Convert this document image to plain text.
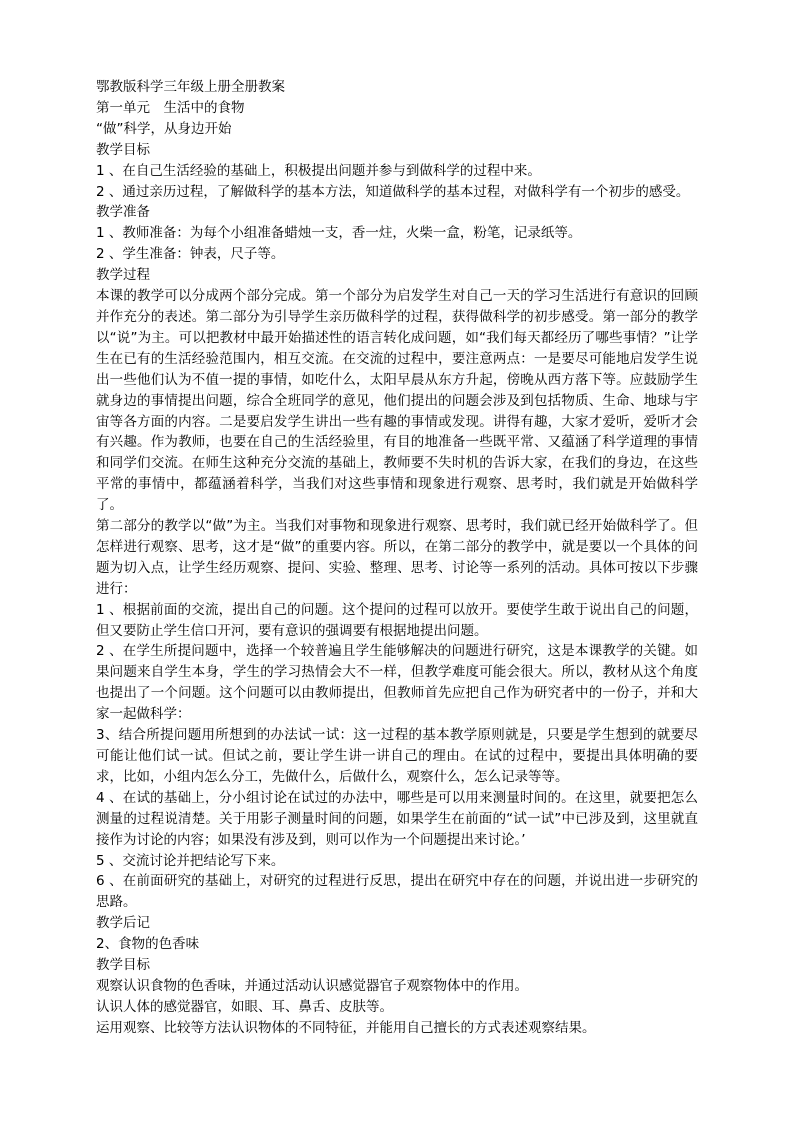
鄂教版科学三年级上册全册教案
第一单元　生活中的食物
“做”科学，从身边开始
教学目标
1 、在自己生活经验的基础上，积极提出问题并参与到做科学的过程中来。
2 、通过亲历过程，了解做科学的基本方法，知道做科学的基本过程，对做科学有一个初步的感受。
教学准备
1 、教师准备：为每个小组准备蜡烛一支，香一炷，火柴一盒，粉笔，记录纸等。
2 、学生准备：钟表，尺子等。
教学过程

本课的教学可以分成两个部分完成。第一个部分为启发学生对自己一天的学习生活进行有意识的回顾并作充分的表述。第二部分为引导学生亲历做科学的过程，获得做科学的初步感受。第一部分的教学以“说”为主。可以把教材中最开始描述性的语言转化成问题，如“我们每天都经历了哪些事情？”让学生在已有的生活经验范围内，相互交流。在交流的过程中，要注意两点：一是要尽可能地启发学生说出一些他们认为不值一提的事情，如吃什么，太阳早晨从东方升起，傍晚从西方落下等。应鼓励学生就身边的事情提出问题，综合全班同学的意见，他们提出的问题会涉及到包括物质、生命、地球与宇宙等各方面的内容。二是要启发学生讲出一些有趣的事情或发现。讲得有趣，大家才爱听，爱听才会有兴趣。作为教师，也要在自己的生活经验里，有目的地准备一些既平常、又蕴涵了科学道理的事情和同学们交流。在师生这种充分交流的基础上，教师要不失时机的告诉大家，在我们的身边，在这些平常的事情中，都蕴涵着科学，当我们对这些事情和现象进行观察、思考时，我们就是开始做科学了。

第二部分的教学以“做”为主。当我们对事物和现象进行观察、思考时，我们就已经开始做科学了。但怎样进行观察、思考，这才是“做”的重要内容。所以，在第二部分的教学中，就是要以一个具体的问题为切入点，让学生经历观察、提问、实验、整理、思考、讨论等一系列的活动。具体可按以下步骤进行：

1 、根据前面的交流，提出自己的问题。这个提问的过程可以放开。要使学生敢于说出自己的问题，但又要防止学生信口开河，要有意识的强调要有根据地提出问题。

2 、在学生所提问题中，选择一个较普遍且学生能够解决的问题进行研究，这是本课教学的关键。如果问题来自学生本身，学生的学习热情会大不一样，但教学难度可能会很大。所以，教材从这个角度也提出了一个问题。这个问题可以由教师提出，但教师首先应把自己作为研究者中的一份子，并和大家一起做科学：

3、结合所提问题用所想到的办法试一试：这一过程的基本教学原则就是，只要是学生想到的就要尽可能让他们试一试。但试之前，要让学生讲一讲自己的理由。在试的过程中，要提出具体明确的要求，比如，小组内怎么分工，先做什么，后做什么，观察什么，怎么记录等等。

4 、在试的基础上，分小组讨论在试过的办法中，哪些是可以用来测量时间的。在这里，就要把怎么测量的过程说清楚。关于用影子测量时间的问题，如果学生在前面的“试一试”中已涉及到，这里就直接作为讨论的内容；如果没有涉及到，则可以作为一个问题提出来讨论。’

5 、交流讨论并把结论写下来。

6 、在前面研究的基础上，对研究的过程进行反思，提出在研究中存在的问题，并说出进一步研究的思路。

教学后记
2、食物的色香味
教学目标
观察认识食物的色香味，并通过活动认识感觉器官子观察物体中的作用。
认识人体的感觉器官，如眼、耳、鼻舌、皮肤等。
运用观察、比较等方法认识物体的不同特征，并能用自己擅长的方式表述观察结果。
